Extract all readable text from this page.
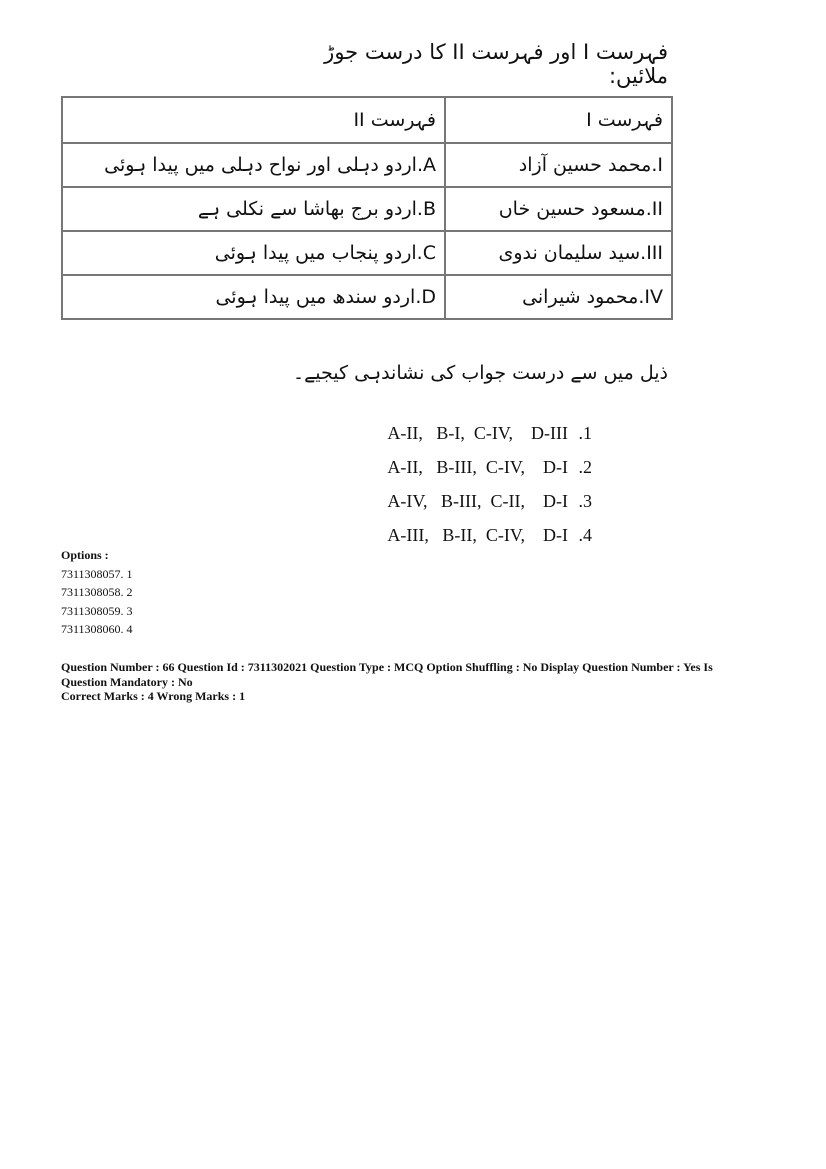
فہرست I اور فہرست II کا درست جوڑ ملائیں:
فہرست II	فہرست I
A.اردو دہلی اور نواح دہلی میں پیدا ہوئی	I.محمد حسین آزاد
B.اردو برج بھاشا سے نکلی ہے	II.مسعود حسین خاں
C.اردو پنجاب میں پیدا ہوئی	III.سید سلیمان ندوی
D.اردو سندھ میں پیدا ہوئی	IV.محمود شیرانی
ذیل میں سے درست جواب کی نشاندہی کیجیے۔
A-II,   B-I,  C-IV,    D-III .1
A-II,   B-III,  C-IV,    D-I .2
A-IV,   B-III,  C-II,    D-I .3
A-III,   B-II,  C-IV,    D-I .4
Options :
7311308057. 1
7311308058. 2
7311308059. 3
7311308060. 4
Question Number : 66 Question Id : 7311302021 Question Type : MCQ Option Shuffling : No Display Question Number : Yes Is Question Mandatory : No
Correct Marks : 4 Wrong Marks : 1
